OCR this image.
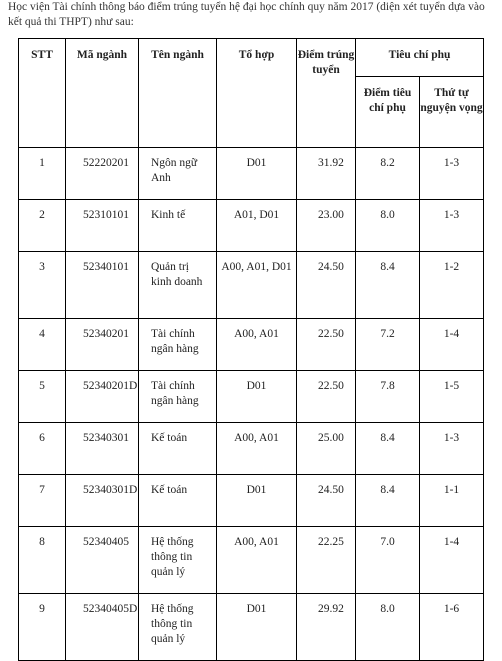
Học viện Tài chính thông báo điểm trúng tuyển hệ đại học chính quy năm 2017 (diện xét tuyển dựa vào kết quả thi THPT) như sau:

STT	Mã ngành	Tên ngành	Tổ hợp	Điểm trúng tuyển	Tiêu chí phụ	
					Điểm tiêu chí phụ	Thứ tự nguyện vọng
1	52220201	Ngôn ngữ Anh	D01	31.92	8.2	1-3
2	52310101	Kinh tế	A01, D01	23.00	8.0	1-3
3	52340101	Quản trị kinh doanh	A00, A01, D01	24.50	8.4	1-2
4	52340201	Tài chính ngân hàng	A00, A01	22.50	7.2	1-4
5	52340201D	Tài chính ngân hàng	D01	22.50	7.8	1-5
6	52340301	Kế toán	A00, A01	25.00	8.4	1-3
7	52340301D	Kế toán	D01	24.50	8.4	1-1
8	52340405	Hệ thống thông tin quản lý	A00, A01	22.25	7.0	1-4
9	52340405D	Hệ thống thông tin quản lý	D01	29.92	8.0	1-6
